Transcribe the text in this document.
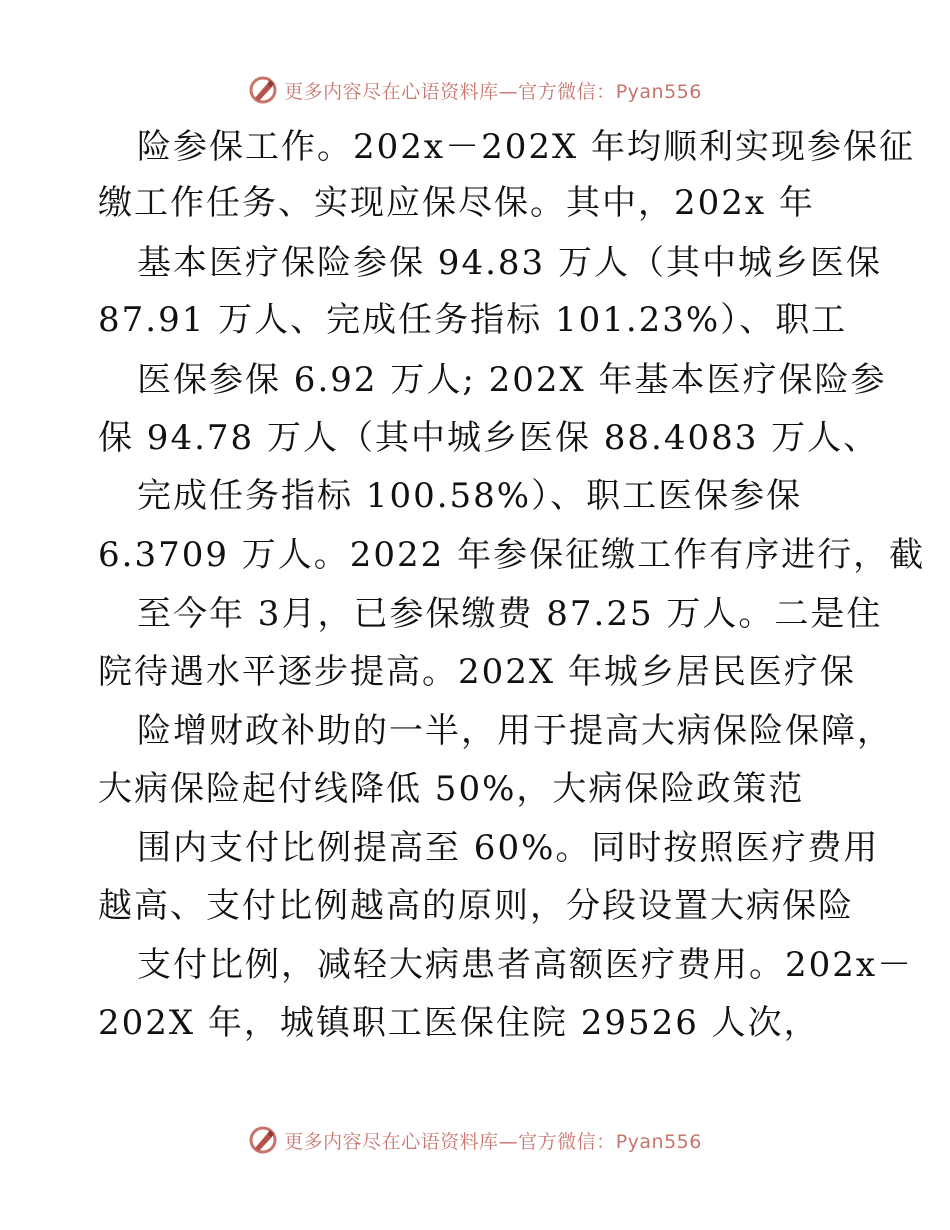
更多内容尽在心语资料库—官方微信：Pyan556
险参保工作。202x－202X 年均顺利实现参保征
缴工作任务、实现应保尽保。其中，202x 年
基本医疗保险参保 94.83 万人（其中城乡医保
87.91 万人、完成任务指标 101.23%）、职工
医保参保 6.92 万人; 202X 年基本医疗保险参
保 94.78 万人（其中城乡医保 88.4083 万人、
完成任务指标 100.58%）、职工医保参保
6.3709 万人。2022 年参保征缴工作有序进行，截
至今年 3月，已参保缴费 87.25 万人。二是住
院待遇水平逐步提高。202X 年城乡居民医疗保
险增财政补助的一半，用于提高大病保险保障，
大病保险起付线降低 50%，大病保险政策范
围内支付比例提高至 60%。同时按照医疗费用
越高、支付比例越高的原则，分段设置大病保险
支付比例，减轻大病患者高额医疗费用。202x－
202X 年，城镇职工医保住院 29526 人次，
更多内容尽在心语资料库—官方微信：Pyan556
